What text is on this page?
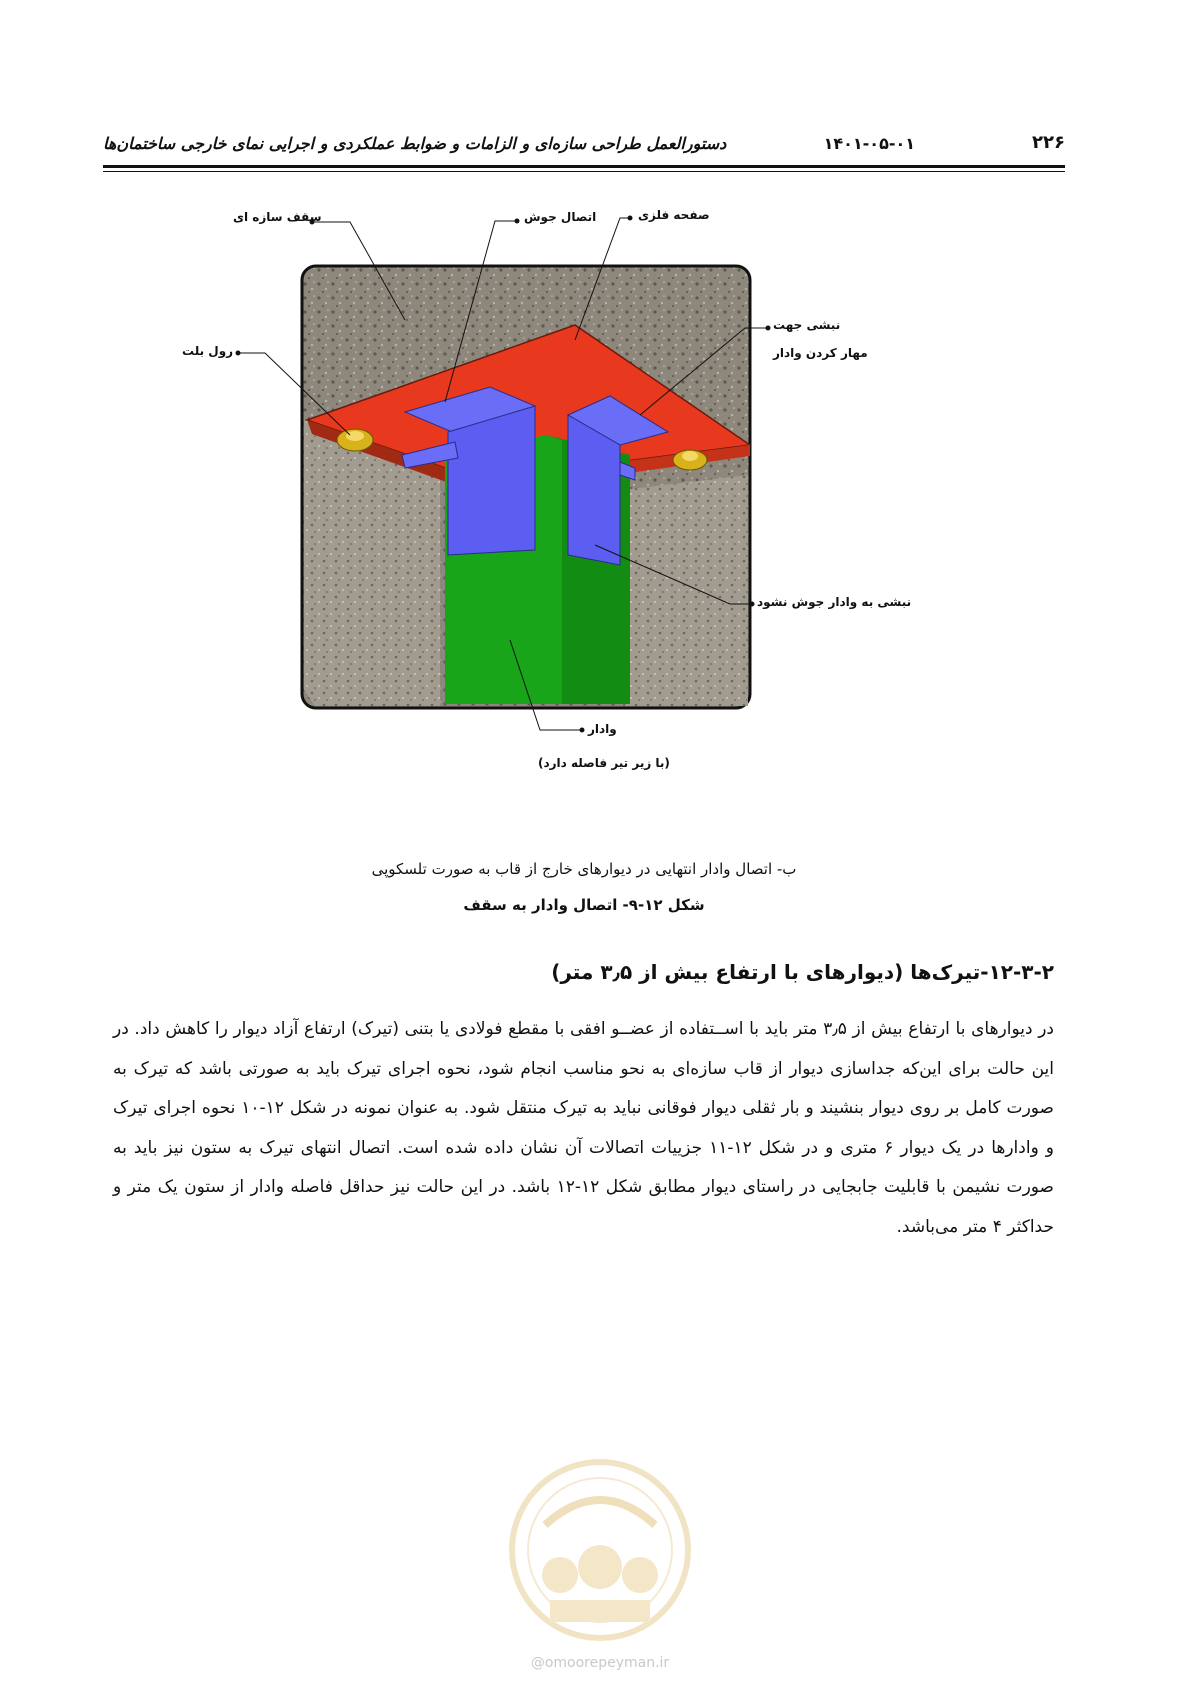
۲۲۶
۱۴۰۱-۰۵-۰۱
دستورالعمل طراحی سازه‌ای و الزامات و ضوابط عملکردی و اجرایی نمای خارجی ساختمان‌ها
سقف سازه ای	اتصال جوش	صفحه فلزی
رول بلت
نبشی جهت
مهار کردن وادار
نبشی به وادار جوش نشود
وادار
(با زیر تیر فاصله دارد)
ب- اتصال وادار انتهایی در دیوارهای خارج از قاب به صورت تلسکوپی
شکل ۱۲-۹- اتصال وادار به سقف
۱۲-۳-۲-تیرک‌ها (دیوارهای با ارتفاع بیش از ۳٫۵ متر)
در دیوارهای با ارتفاع بیش از ۳٫۵ متر باید با اســتفاده از عضــو افقی با مقطع فولادی یا بتنی (تیرک) ارتفاع آزاد دیوار را کاهش داد. در این حالت برای این‌که جداسازی دیوار از قاب سازه‌ای به نحو مناسب انجام شود، نحوه اجرای تیرک باید به صورتی باشد که تیرک به صورت کامل بر روی دیوار بنشیند و بار ثقلی دیوار فوقانی نباید به تیرک منتقل شود. به عنوان نمونه در شکل ۱۲-۱۰ نحوه اجرای تیرک و وادارها در یک دیوار ۶ متری و در شکل ۱۲-۱۱ جزییات اتصالات آن نشان داده شده است. اتصال انتهای تیرک به ستون نیز باید به صورت نشیمن با قابلیت جابجایی در راستای دیوار مطابق شکل ۱۲-۱۲ باشد. در این حالت نیز حداقل فاصله وادار از ستون یک متر و حداکثر ۴ متر می‌باشد.
@omoorepeyman.ir
